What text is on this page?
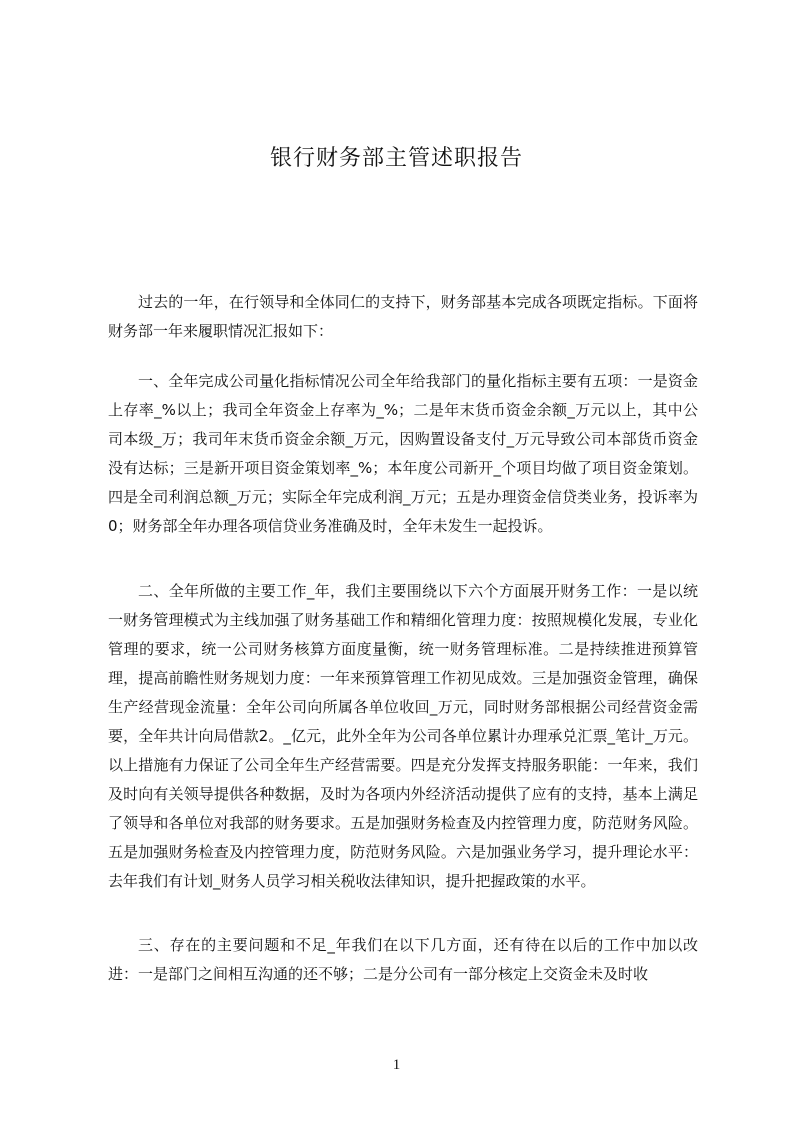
银行财务部主管述职报告

过去的一年，在行领导和全体同仁的支持下，财务部基本完成各项既定指标。下面将财务部一年来履职情况汇报如下：

一、全年完成公司量化指标情况公司全年给我部门的量化指标主要有五项：一是资金上存率_%以上；我司全年资金上存率为_%；二是年末货币资金余额_万元以上，其中公司本级_万；我司年末货币资金余额_万元，因购置设备支付_万元导致公司本部货币资金没有达标；三是新开项目资金策划率_%；本年度公司新开_个项目均做了项目资金策划。四是全司利润总额_万元；实际全年完成利润_万元；五是办理资金信贷类业务，投诉率为0；财务部全年办理各项信贷业务准确及时，全年未发生一起投诉。

二、全年所做的主要工作_年，我们主要围绕以下六个方面展开财务工作：一是以统一财务管理模式为主线加强了财务基础工作和精细化管理力度：按照规模化发展，专业化管理的要求，统一公司财务核算方面度量衡，统一财务管理标准。二是持续推进预算管理，提高前瞻性财务规划力度：一年来预算管理工作初见成效。三是加强资金管理，确保生产经营现金流量：全年公司向所属各单位收回_万元，同时财务部根据公司经营资金需要，全年共计向局借款2。_亿元，此外全年为公司各单位累计办理承兑汇票_笔计_万元。以上措施有力保证了公司全年生产经营需要。四是充分发挥支持服务职能：一年来，我们及时向有关领导提供各种数据，及时为各项内外经济活动提供了应有的支持，基本上满足了领导和各单位对我部的财务要求。五是加强财务检查及内控管理力度，防范财务风险。五是加强财务检查及内控管理力度，防范财务风险。六是加强业务学习，提升理论水平：去年我们有计划_财务人员学习相关税收法律知识，提升把握政策的水平。

三、存在的主要问题和不足_年我们在以下几方面，还有待在以后的工作中加以改进：一是部门之间相互沟通的还不够；二是分公司有一部分核定上交资金未及时收

1
